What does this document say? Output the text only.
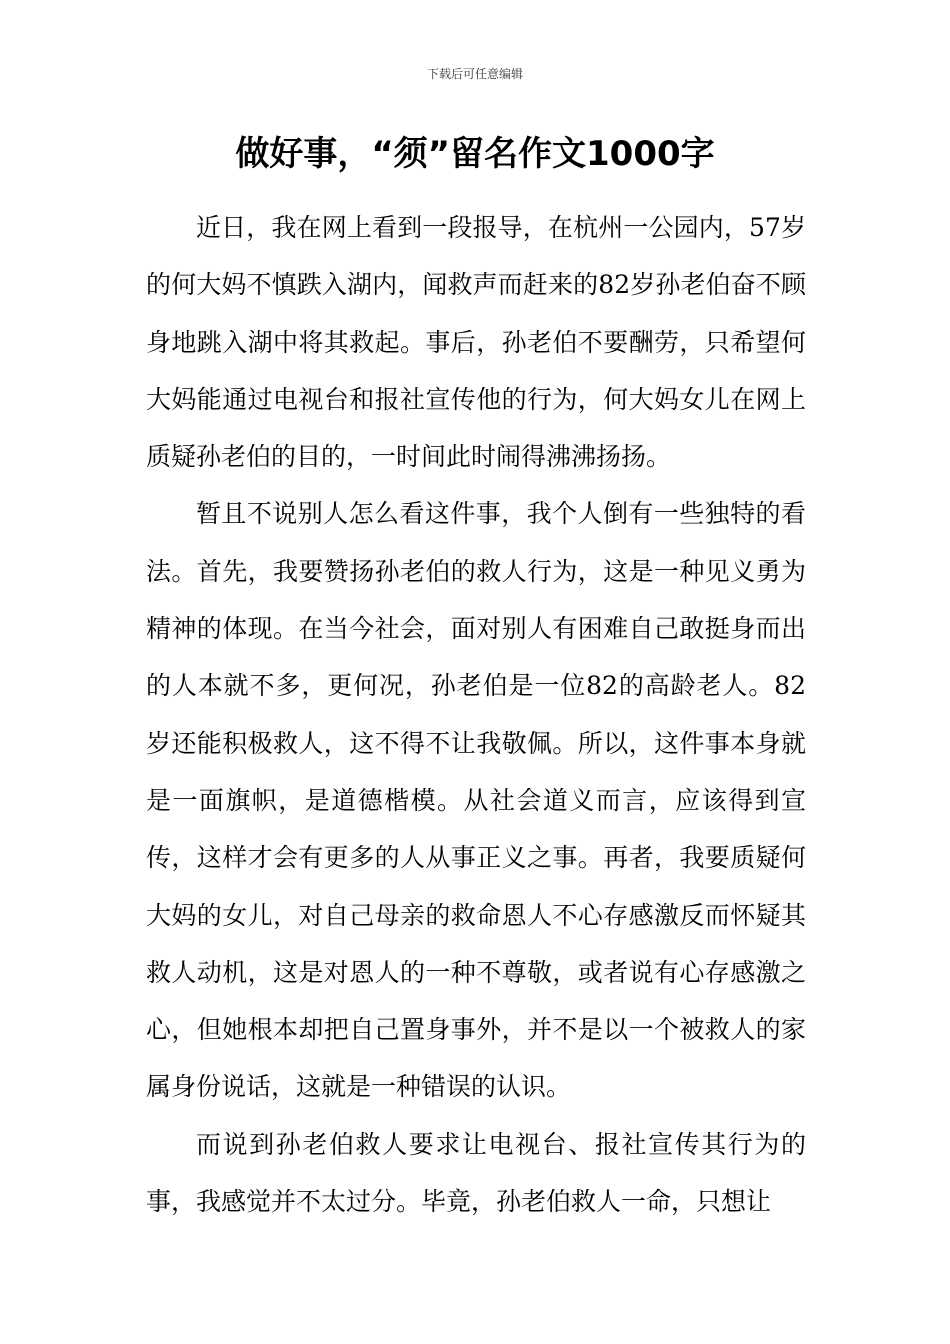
下载后可任意编辑
做好事，“须”留名作文1000字

近日，我在网上看到一段报导，在杭州一公园内，57岁的何大妈不慎跌入湖内，闻救声而赶来的82岁孙老伯奋不顾身地跳入湖中将其救起。事后，孙老伯不要酬劳，只希望何大妈能通过电视台和报社宣传他的行为，何大妈女儿在网上质疑孙老伯的目的，一时间此时闹得沸沸扬扬。

暂且不说别人怎么看这件事，我个人倒有一些独特的看法。首先，我要赞扬孙老伯的救人行为，这是一种见义勇为精神的体现。在当今社会，面对别人有困难自己敢挺身而出的人本就不多，更何况，孙老伯是一位82的高龄老人。82岁还能积极救人，这不得不让我敬佩。所以，这件事本身就是一面旗帜，是道德楷模。从社会道义而言，应该得到宣传，这样才会有更多的人从事正义之事。再者，我要质疑何大妈的女儿，对自己母亲的救命恩人不心存感激反而怀疑其救人动机，这是对恩人的一种不尊敬，或者说有心存感激之心，但她根本却把自己置身事外，并不是以一个被救人的家属身份说话，这就是一种错误的认识。

而说到孙老伯救人要求让电视台、报社宣传其行为的事，我感觉并不太过分。毕竟，孙老伯救人一命，只想让
